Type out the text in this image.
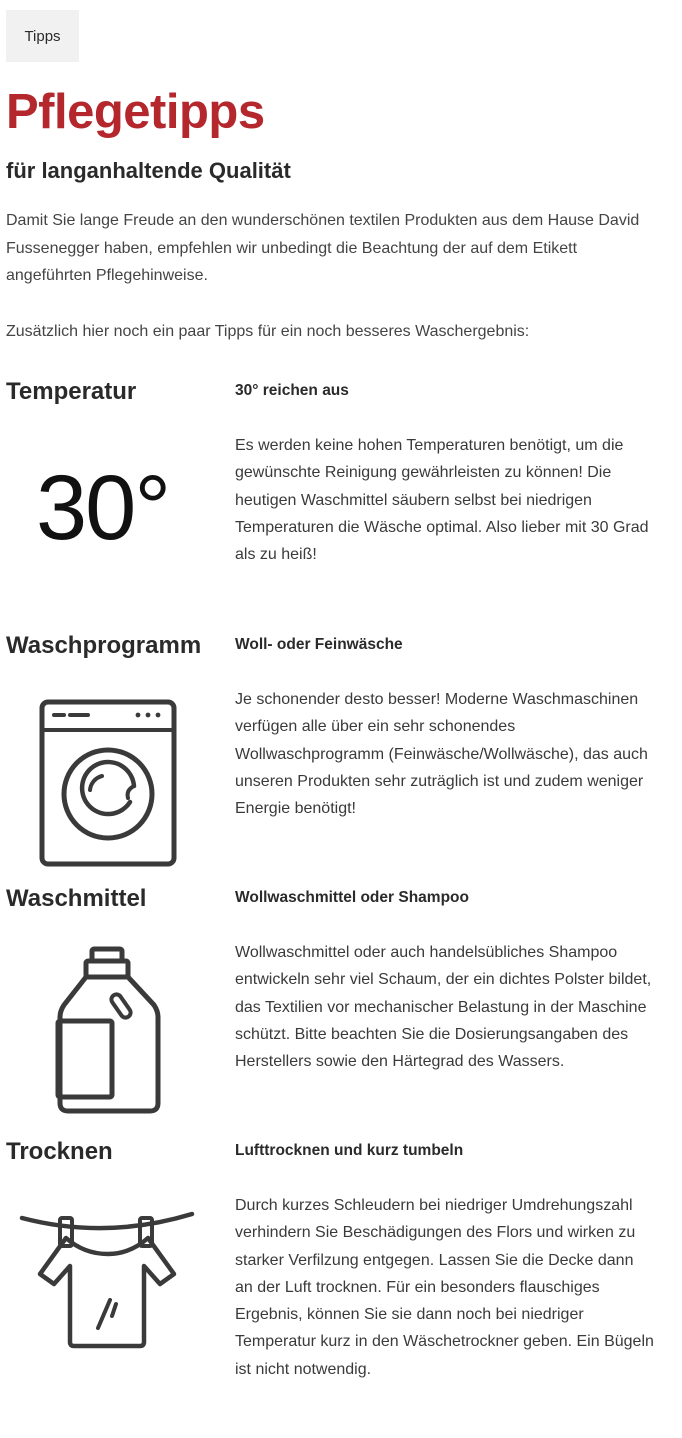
Tipps
Pflegetipps
für langanhaltende Qualität

Damit Sie lange Freude an den wunderschönen textilen Produkten aus dem Hause David Fussenegger haben, empfehlen wir unbedingt die Beachtung der auf dem Etikett angeführten Pflegehinweise.

Zusätzlich hier noch ein paar Tipps für ein noch besseres Waschergebnis:

Temperatur	30° reichen aus
30°

Es werden keine hohen Temperaturen benötigt, um die gewünschte Reinigung gewährleisten zu können! Die heutigen Waschmittel säubern selbst bei niedrigen Temperaturen die Wäsche optimal. Also lieber mit 30 Grad als zu heiß!

Waschprogramm Woll- oder Feinwäsche

Je schonender desto besser! Moderne Waschmaschinen verfügen alle über ein sehr schonendes Wollwaschprogramm (Feinwäsche/Wollwäsche), das auch unseren Produkten sehr zuträglich ist und zudem weniger Energie benötigt!

Waschmittel	Wollwaschmittel oder Shampoo

Wollwaschmittel oder auch handelsübliches Shampoo entwickeln sehr viel Schaum, der ein dichtes Polster bildet, das Textilien vor mechanischer Belastung in der Maschine schützt. Bitte beachten Sie die Dosierungsangaben des Herstellers sowie den Härtegrad des Wassers.

Trocknen	Lufttrocknen und kurz tumbeln

Durch kurzes Schleudern bei niedriger Umdrehungszahl verhindern Sie Beschädigungen des Flors und wirken zu starker Verfilzung entgegen. Lassen Sie die Decke dann an der Luft trocknen. Für ein besonders flauschiges Ergebnis, können Sie sie dann noch bei niedriger Temperatur kurz in den Wäschetrockner geben. Ein Bügeln ist nicht notwendig.
